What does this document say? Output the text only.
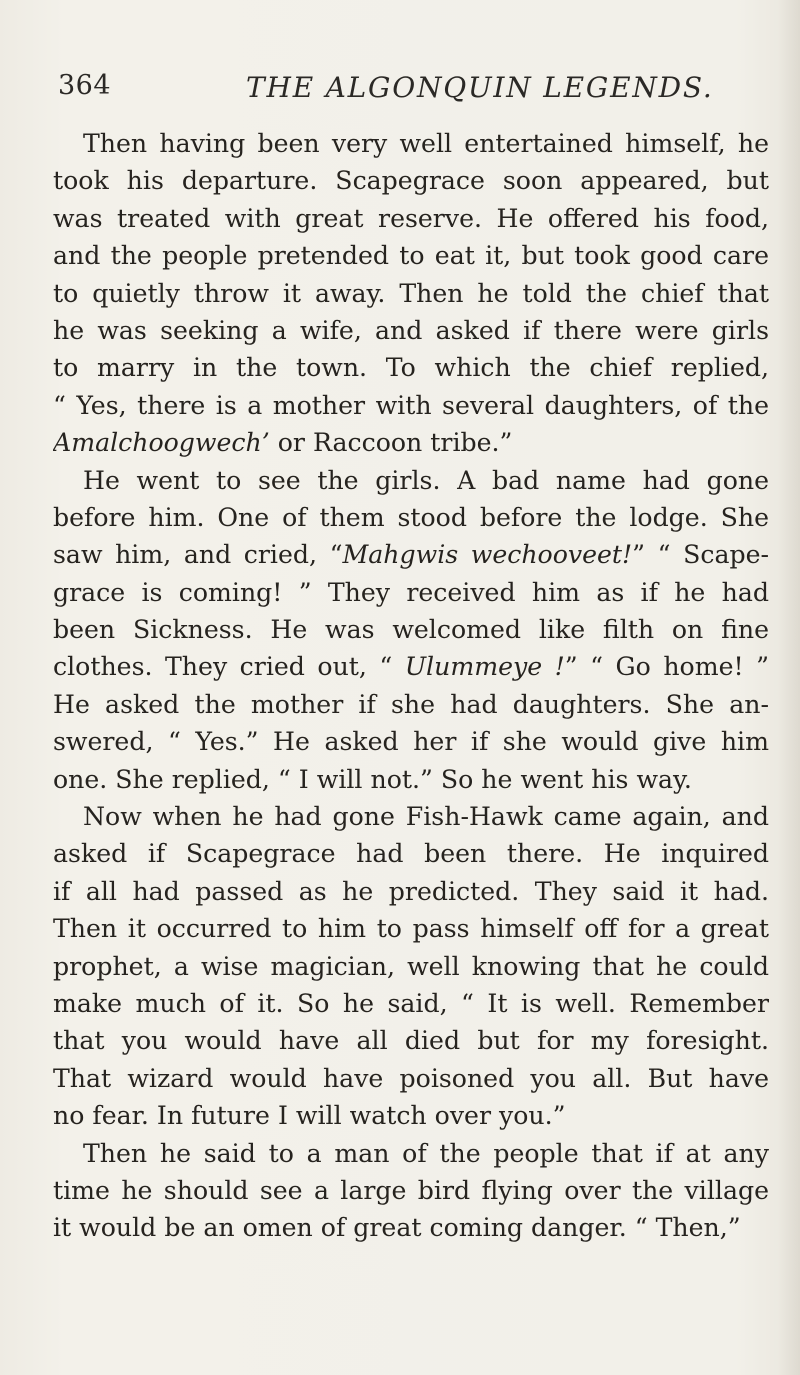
364	THE ALGONQUIN LEGENDS.
Then having been very well entertained himself, he
took his departure. Scapegrace soon appeared, but
was treated with great reserve. He offered his food,
and the people pretended to eat it, but took good care
to quietly throw it away. Then he told the chief that
he was seeking a wife, and asked if there were girls
to marry in the town. To which the chief replied,
“ Yes, there is a mother with several daughters, of the
Amalchoogwech’ or Raccoon tribe.”
He went to see the girls. A bad name had gone
before him. One of them stood before the lodge. She
saw him, and cried, “Mahgwis wechooveet!” “ Scape-
grace is coming! ” They received him as if he had
been Sickness. He was welcomed like filth on fine
clothes. They cried out, “ Ulummeye !” “ Go home! ”
He asked the mother if she had daughters. She an-
swered, “ Yes.” He asked her if she would give him
one. She replied, “ I will not.” So he went his way.
Now when he had gone Fish-Hawk came again, and
asked if Scapegrace had been there. He inquired
if all had passed as he predicted. They said it had.
Then it occurred to him to pass himself off for a great
prophet, a wise magician, well knowing that he could
make much of it. So he said, “ It is well. Remember
that you would have all died but for my foresight.
That wizard would have poisoned you all. But have
no fear. In future I will watch over you.”
Then he said to a man of the people that if at any
time he should see a large bird flying over the village
it would be an omen of great coming danger. “ Then,”
